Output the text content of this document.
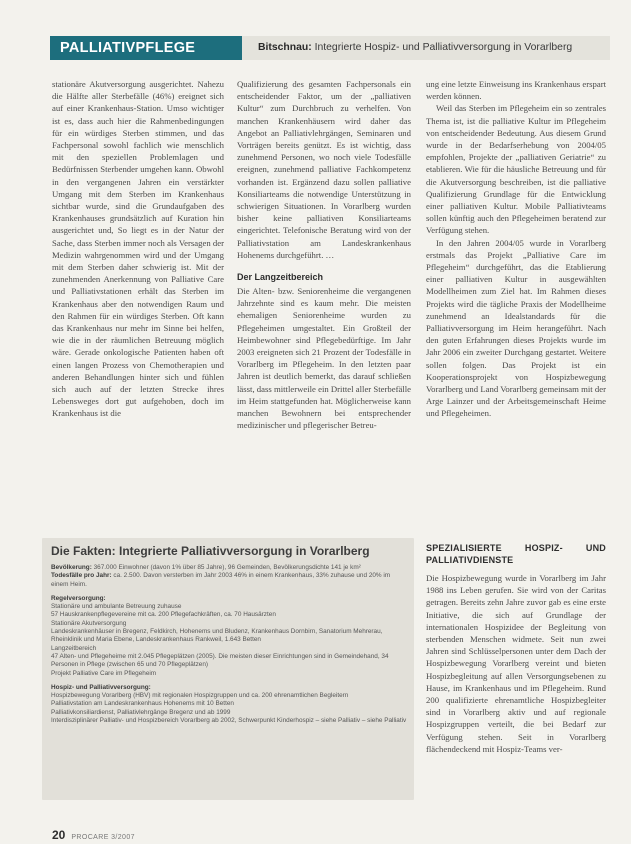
PALLIATIVPFLEGE	Bitschnau: Integrierte Hospiz- und Palliativversorgung in Vorarlberg

stationäre Akutversorgung ausgerichtet. Nahezu die Hälfte aller Sterbefälle (46%) ereignet sich auf einer Krankenhaus-Station. Umso wichtiger ist es, dass auch hier die Rahmenbedingungen für ein würdiges Sterben stimmen, und das Fachpersonal sowohl fachlich wie menschlich mit den speziellen Problemlagen und Bedürfnissen Sterbender umgehen kann. Obwohl in den vergangenen Jahren ein verstärkter Umgang mit dem Sterben im Krankenhaus sichtbar wurde, sind die Grundaufgaben des Krankenhauses grundsätzlich auf Kuration hin ausgerichtet und, So liegt es in der Natur der Sache, dass Sterben immer noch als Versagen der Medizin wahrgenommen wird und der Umgang mit dem Sterben daher schwierig ist. Mit der zunehmenden Anerkennung von Palliative Care und Palliativstationen erhält das Sterben im Krankenhaus aber den notwendigen Raum und den Rahmen für ein würdiges Sterben. Oft kann das Krankenhaus nur mehr im Sinne bei helfen, wie die in der räumlichen Betreuung möglich wäre. Gerade onkologische Patienten haben oft einen langen Prozess von Chemotherapien und anderen Behandlungen hinter sich und fühlen sich auch auf der letzten Strecke ihres Lebensweges dort gut aufgehoben, doch im Krankenhaus ist die

Qualifizierung des gesamten Fachpersonals ein entscheidender Faktor, um der „palliativen Kultur“ zum Durchbruch zu verhelfen. Von manchen Krankenhäusern wird daher das Angebot an Palliativlehrgängen, Seminaren und Vorträgen bereits genützt. Es ist wichtig, dass zunehmend Personen, wo noch viele Todesfälle ereignen, zunehmend palliative Fachkompetenz vorhanden ist. Ergänzend dazu sollen palliative Konsiliarteams die notwendige Unterstützung in schwierigen Situationen. In Vorarlberg wurden bisher keine palliativen Konsiliarteams eingerichtet. Telefonische Beratung wird von der Palliativstation am Landeskrankenhaus Hohenems durchgeführt. …

Der Langzeitbereich

Die Alten- bzw. Seniorenheime die vergangenen Jahrzehnte sind es kaum mehr. Die meisten ehemaligen Seniorenheime wurden zu Pflegeheimen umgestaltet. Ein Großteil der Heimbewohner sind Pflegebedürftige. Im Jahr 2003 ereigneten sich 21 Prozent der Todesfälle in Vorarlberg im Pflegeheim. In den letzten paar Jahren ist deutlich bemerkt, das darauf schließen lässt, dass mittlerweile ein Drittel aller Sterbefälle im Heim stattgefunden hat. Möglicherweise kann manchen Bewohnern bei entsprechender medizinischer und pflegerischer Betreu-

ung eine letzte Einweisung ins Krankenhaus erspart werden können.

Weil das Sterben im Pflegeheim ein so zentrales Thema ist, ist die palliative Kultur im Pflegeheim von entscheidender Bedeutung. Aus diesem Grund wurde in der Bedarfserhebung von 2004/05 empfohlen, Projekte der „palliativen Geriatrie“ zu etablieren. Wie für die häusliche Betreuung und für die Akutversorgung beschreiben, ist die palliative Qualifizierung Grundlage für die Entwicklung einer palliativen Kultur. Mobile Palliativteams sollen künftig auch den Pflegeheimen beratend zur Verfügung stehen.

In den Jahren 2004/05 wurde in Vorarlberg erstmals das Projekt „Palliative Care im Pflegeheim“ durchgeführt, das die Etablierung einer palliativen Kultur in ausgewählten Modellheimen zum Ziel hat. Im Rahmen dieses Projekts wird die tägliche Praxis der Modellheime zunehmend an Idealstandards für die Palliativversorgung im Heim herangeführt. Nach den guten Erfahrungen dieses Projekts wurde im Jahr 2006 ein zweiter Durchgang gestartet. Weitere sollen folgen. Das Projekt ist ein Kooperationsprojekt von Hospizbewegung Vorarlberg und Land Vorarlberg gemeinsam mit der Arge Lainzer und der Arbeitsgemeinschaft Heime und Pflegeheimen.

SPEZIALISIERTE HOSPIZ- UND PALLIATIVDIENSTE

Die Hospizbewegung wurde in Vorarlberg im Jahr 1988 ins Leben gerufen. Sie wird von der Caritas getragen. Bereits zehn Jahre zuvor gab es eine erste Initiative, die sich auf Grundlage der internationalen Hospizidee der Begleitung von sterbenden Menschen widmete. Seit nun zwei Jahren sind Schlüsselpersonen unter dem Dach der Hospizbewegung Vorarlberg vereint und bieten Hospizbegleitung auf allen Versorgungsebenen zu Hause, im Krankenhaus und im Pflegeheim. Rund 200 qualifizierte ehrenamtliche Hospizbegleiter sind in Vorarlberg aktiv und auf regionale Hospizgruppen verteilt, die bei Bedarf zur Verfügung stehen. Seit in Vorarlberg flächendeckend mit Hospiz-Teams ver-

Die Fakten: Integrierte Palliativversorgung in Vorarlberg

Bevölkerung: 367.000 Einwohner (davon 1% über 85 Jahre), 96 Gemeinden, Bevölkerungsdichte 141 je km²

Todesfälle pro Jahr: ca. 2.500. Davon versterben im Jahr 2003 46% in einem Krankenhaus, 33% zuhause und 20% im einem Heim.

Regelversorgung:

Stationäre und ambulante Betreuung zuhause

57 Hauskrankenpflegevereine mit ca. 200 Pflegefachkräften, ca. 70 Hausärzten

Stationäre Akutversorgung

Landeskrankenhäuser in Bregenz, Feldkirch, Hohenems und Bludenz, Krankenhaus Dornbirn, Sanatorium Mehrerau, Rheinklinik und Maria Ebene, Landeskrankenhaus Rankweil, 1.643 Betten

Langzeitbereich

47 Alten- und Pflegeheime mit 2.045 Pflegeplätzen (2005). Die meisten dieser Einrichtungen sind in Gemeindehand, 34 Personen in Pflege (zwischen 65 und 70 Pflegeplätzen)

Projekt Palliative Care im Pflegeheim

Hospiz- und Palliativversorgung:

Hospizbewegung Vorarlberg (HBV) mit regionalen Hospizgruppen und ca. 200 ehrenamtlichen Begleitern

Palliativstation am Landeskrankenhaus Hohenems mit 10 Betten

Palliativkonsiliardienst, Palliativlehrgänge Bregenz und ab 1999

Interdisziplinärer Palliativ- und Hospizbereich Vorarlberg ab 2002, Schwerpunkt Kinderhospiz – siehe Palliativ – siehe Palliativ

20 PROCARE 3/2007
